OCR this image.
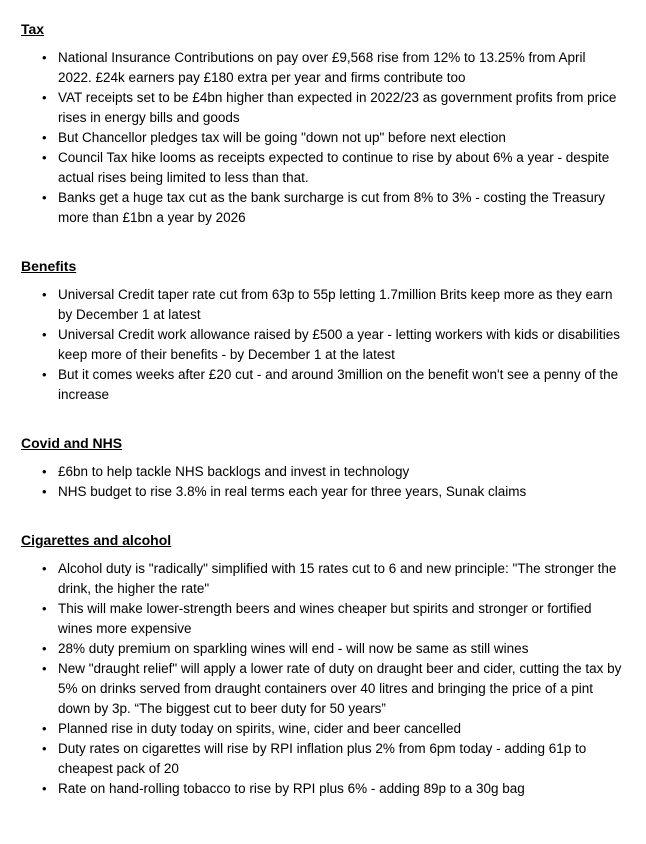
Tax
• National Insurance Contributions on pay over £9,568 rise from 12% to 13.25% from April 2022. £24k earners pay £180 extra per year and firms contribute too
• VAT receipts set to be £4bn higher than expected in 2022/23 as government profits from price rises in energy bills and goods
• But Chancellor pledges tax will be going "down not up" before next election
• Council Tax hike looms as receipts expected to continue to rise by about 6% a year - despite actual rises being limited to less than that.
• Banks get a huge tax cut as the bank surcharge is cut from 8% to 3% - costing the Treasury more than £1bn a year by 2026
Benefits
• Universal Credit taper rate cut from 63p to 55p letting 1.7million Brits keep more as they earn by December 1 at latest
• Universal Credit work allowance raised by £500 a year - letting workers with kids or disabilities keep more of their benefits - by December 1 at the latest
• But it comes weeks after £20 cut - and around 3million on the benefit won't see a penny of the increase
Covid and NHS
• £6bn to help tackle NHS backlogs and invest in technology
• NHS budget to rise 3.8% in real terms each year for three years, Sunak claims
Cigarettes and alcohol
• Alcohol duty is "radically" simplified with 15 rates cut to 6 and new principle: "The stronger the drink, the higher the rate"
• This will make lower-strength beers and wines cheaper but spirits and stronger or fortified wines more expensive
• 28% duty premium on sparkling wines will end - will now be same as still wines
• New "draught relief" will apply a lower rate of duty on draught beer and cider, cutting the tax by 5% on drinks served from draught containers over 40 litres and bringing the price of a pint down by 3p. “The biggest cut to beer duty for 50 years”
• Planned rise in duty today on spirits, wine, cider and beer cancelled
• Duty rates on cigarettes will rise by RPI inflation plus 2% from 6pm today - adding 61p to cheapest pack of 20
• Rate on hand-rolling tobacco to rise by RPI plus 6% - adding 89p to a 30g bag
